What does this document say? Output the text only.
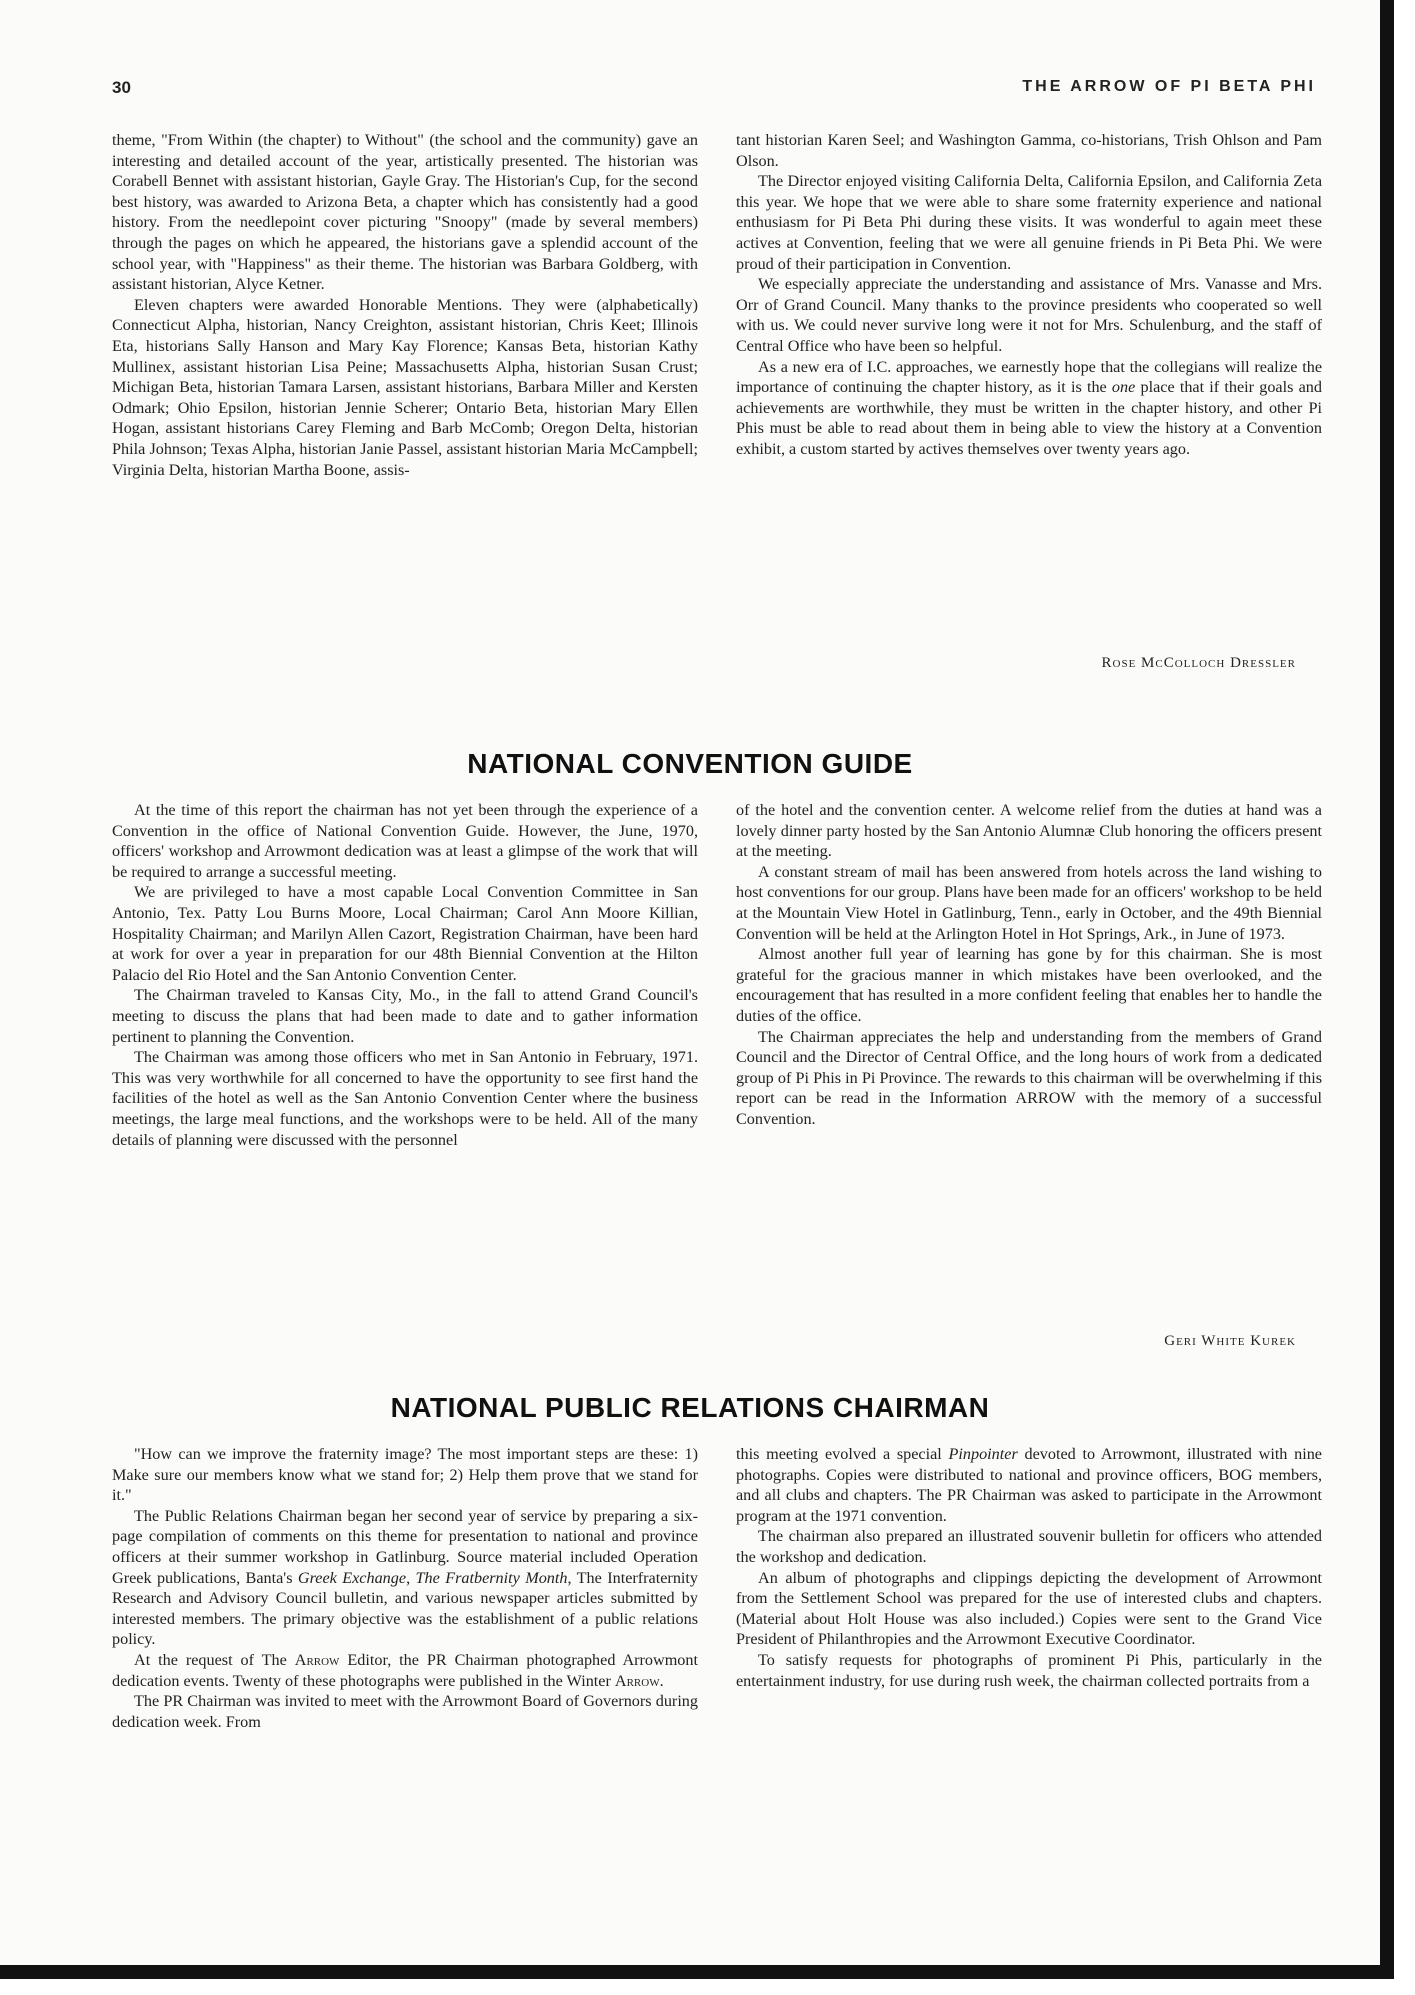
30	THE ARROW OF PI BETA PHI

theme, "From Within (the chapter) to Without" (the school and the community) gave an interesting and detailed account of the year, artistically presented. The historian was Corabell Bennet with assistant historian, Gayle Gray. The Historian's Cup, for the second best history, was awarded to Arizona Beta, a chapter which has consistently had a good history. From the needlepoint cover picturing "Snoopy" (made by several members) through the pages on which he appeared, the historians gave a splendid account of the school year, with "Happiness" as their theme. The historian was Barbara Goldberg, with assistant historian, Alyce Ketner.

Eleven chapters were awarded Honorable Mentions. They were (alphabetically) Connecticut Alpha, historian, Nancy Creighton, assistant historian, Chris Keet; Illinois Eta, historians Sally Hanson and Mary Kay Florence; Kansas Beta, historian Kathy Mullinex, assistant historian Lisa Peine; Massachusetts Alpha, historian Susan Crust; Michigan Beta, historian Tamara Larsen, assistant historians, Barbara Miller and Kersten Odmark; Ohio Epsilon, historian Jennie Scherer; Ontario Beta, historian Mary Ellen Hogan, assistant historians Carey Fleming and Barb McComb; Oregon Delta, historian Phila Johnson; Texas Alpha, historian Janie Passel, assistant historian Maria McCampbell; Virginia Delta, historian Martha Boone, assis-

tant historian Karen Seel; and Washington Gamma, co-historians, Trish Ohlson and Pam Olson.

The Director enjoyed visiting California Delta, California Epsilon, and California Zeta this year. We hope that we were able to share some fraternity experience and national enthusiasm for Pi Beta Phi during these visits. It was wonderful to again meet these actives at Convention, feeling that we were all genuine friends in Pi Beta Phi. We were proud of their participation in Convention.

We especially appreciate the understanding and assistance of Mrs. Vanasse and Mrs. Orr of Grand Council. Many thanks to the province presidents who cooperated so well with us. We could never survive long were it not for Mrs. Schulenburg, and the staff of Central Office who have been so helpful.

As a new era of I.C. approaches, we earnestly hope that the collegians will realize the importance of continuing the chapter history, as it is the one place that if their goals and achievements are worthwhile, they must be written in the chapter history, and other Pi Phis must be able to read about them in being able to view the history at a Convention exhibit, a custom started by actives themselves over twenty years ago.

Rose McColloch Dressler
NATIONAL CONVENTION GUIDE

At the time of this report the chairman has not yet been through the experience of a Convention in the office of National Convention Guide. However, the June, 1970, officers' workshop and Arrowmont dedication was at least a glimpse of the work that will be required to arrange a successful meeting.

We are privileged to have a most capable Local Convention Committee in San Antonio, Tex. Patty Lou Burns Moore, Local Chairman; Carol Ann Moore Killian, Hospitality Chairman; and Marilyn Allen Cazort, Registration Chairman, have been hard at work for over a year in preparation for our 48th Biennial Convention at the Hilton Palacio del Rio Hotel and the San Antonio Convention Center.

The Chairman traveled to Kansas City, Mo., in the fall to attend Grand Council's meeting to discuss the plans that had been made to date and to gather information pertinent to planning the Convention.

The Chairman was among those officers who met in San Antonio in February, 1971. This was very worthwhile for all concerned to have the opportunity to see first hand the facilities of the hotel as well as the San Antonio Convention Center where the business meetings, the large meal functions, and the workshops were to be held. All of the many details of planning were discussed with the personnel

of the hotel and the convention center. A welcome relief from the duties at hand was a lovely dinner party hosted by the San Antonio Alumnæ Club honoring the officers present at the meeting.

A constant stream of mail has been answered from hotels across the land wishing to host conventions for our group. Plans have been made for an officers' workshop to be held at the Mountain View Hotel in Gatlinburg, Tenn., early in October, and the 49th Biennial Convention will be held at the Arlington Hotel in Hot Springs, Ark., in June of 1973.

Almost another full year of learning has gone by for this chairman. She is most grateful for the gracious manner in which mistakes have been overlooked, and the encouragement that has resulted in a more confident feeling that enables her to handle the duties of the office.

The Chairman appreciates the help and understanding from the members of Grand Council and the Director of Central Office, and the long hours of work from a dedicated group of Pi Phis in Pi Province. The rewards to this chairman will be overwhelming if this report can be read in the Information ARROW with the memory of a successful Convention.

Geri White Kurek
NATIONAL PUBLIC RELATIONS CHAIRMAN

"How can we improve the fraternity image? The most important steps are these: 1) Make sure our members know what we stand for; 2) Help them prove that we stand for it."

The Public Relations Chairman began her second year of service by preparing a six-page compilation of comments on this theme for presentation to national and province officers at their summer workshop in Gatlinburg. Source material included Operation Greek publications, Banta's Greek Exchange, The Fratbernity Month, The Interfraternity Research and Advisory Council bulletin, and various newspaper articles submitted by interested members. The primary objective was the establishment of a public relations policy.

At the request of The Arrow Editor, the PR Chairman photographed Arrowmont dedication events. Twenty of these photographs were published in the Winter Arrow.

The PR Chairman was invited to meet with the Arrowmont Board of Governors during dedication week. From

this meeting evolved a special Pinpointer devoted to Arrowmont, illustrated with nine photographs. Copies were distributed to national and province officers, BOG members, and all clubs and chapters. The PR Chairman was asked to participate in the Arrowmont program at the 1971 convention.

The chairman also prepared an illustrated souvenir bulletin for officers who attended the workshop and dedication.

An album of photographs and clippings depicting the development of Arrowmont from the Settlement School was prepared for the use of interested clubs and chapters. (Material about Holt House was also included.) Copies were sent to the Grand Vice President of Philanthropies and the Arrowmont Executive Coordinator.

To satisfy requests for photographs of prominent Pi Phis, particularly in the entertainment industry, for use during rush week, the chairman collected portraits from a
